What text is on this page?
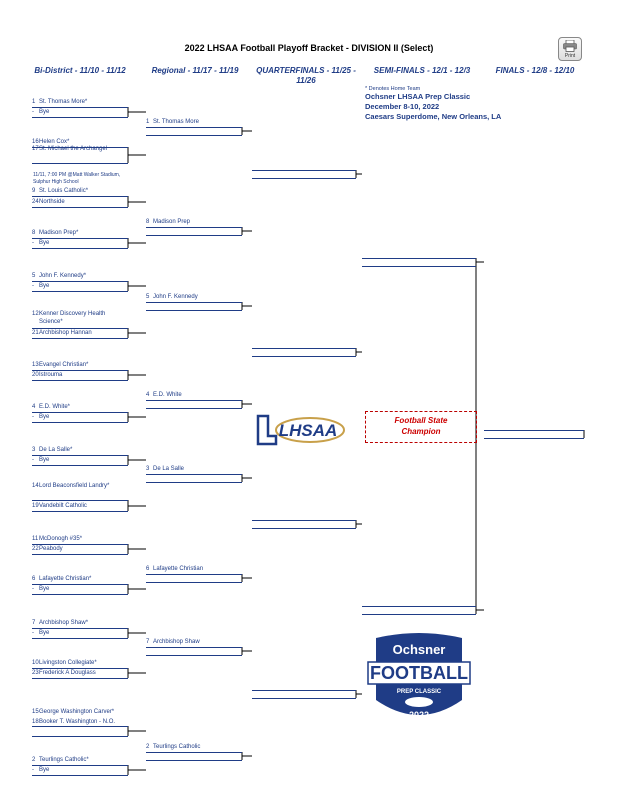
2022 LHSAA Football Playoff Bracket - DIVISION II (Select)
Print
Bi-District - 11/10 - 11/12	Regional - 11/17 - 11/19	QUARTERFINALS - 11/25 - 11/26
SEMI-FINALS - 12/1 - 12/3	FINALS - 12/8 - 12/10
* Denotes Home Team
Ochsner LHSAA Prep Classic
December 8-10, 2022
Caesars Superdome, New Orleans, LA
11/11, 7:00 PM @Matt Walker Stadium, Sulphur High School
1 St. Thomas More*
- Bye
16Helen Cox*
17St. Michael the Archangel
9 St. Louis Catholic*
24Northside
8 Madison Prep*
- Bye
5 John F. Kennedy*
- Bye
12Kenner Discovery Health Science*
21Archbishop Hannan
13Evangel Christian*
20Istrouma
4 E.D. White*
- Bye
3 De La Salle*
- Bye
14Lord Beaconsfield Landry*
19Vandebilt Catholic
11McDonogh #35*
22Peabody
6 Lafayette Christian*
- Bye
7 Archbishop Shaw*
- Bye
10Livingston Collegiate*
23Frederick A Douglass
15George Washington Carver*
18Booker T. Washington - N.O.
2 Teurlings Catholic*
- Bye
1 St. Thomas More
8 Madison Prep
5 John F. Kennedy
4 E.D. White
3 De La Salle
6 Lafayette Christian
7 Archbishop Shaw
2 Teurlings Catholic
Football State
Champion
LHSAA
Ochsner
FOOTBALL
PREP CLASSIC
2022
